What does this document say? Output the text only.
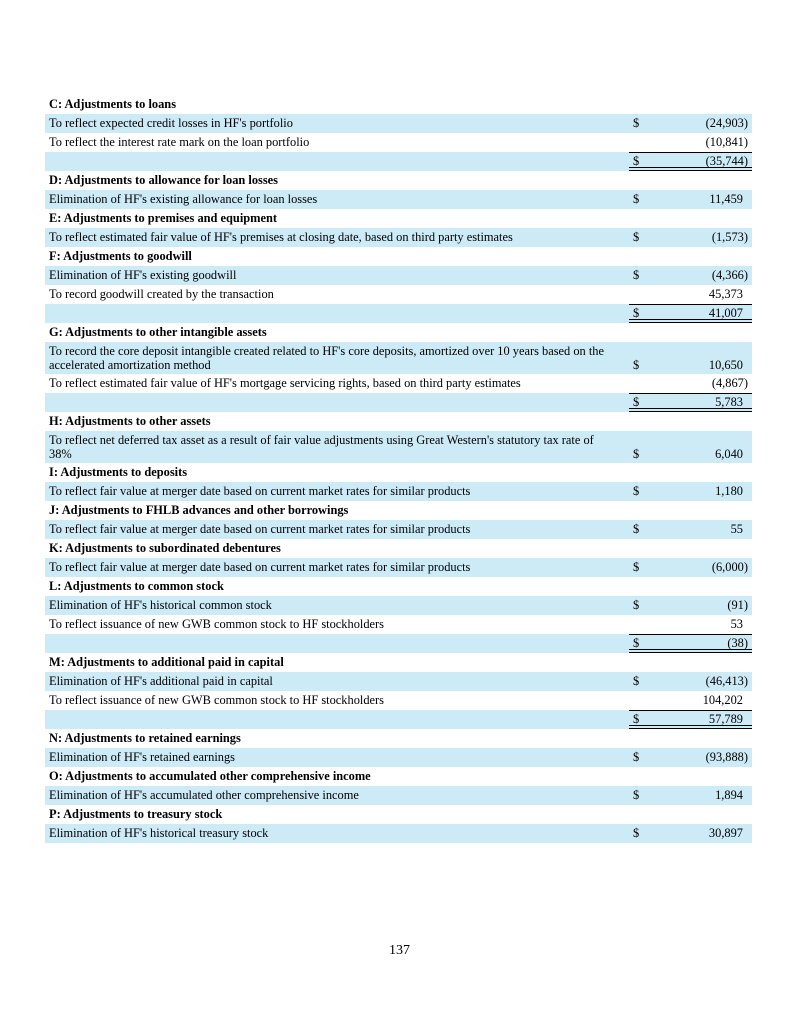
C: Adjustments to loans
To reflect expected credit losses in HF's portfolio	$	(24,903)
To reflect the interest rate mark on the loan portfolio	(10,841)
$	(35,744)
D: Adjustments to allowance for loan losses
Elimination of HF's existing allowance for loan losses	$	11,459
E: Adjustments to premises and equipment
To reflect estimated fair value of HF's premises at closing date, based on third party estimates	$	(1,573)
F: Adjustments to goodwill
Elimination of HF's existing goodwill	$	(4,366)
To record goodwill created by the transaction	45,373
$	41,007
G: Adjustments to other intangible assets
To record the core deposit intangible created related to HF's core deposits, amortized over 10 years based on the accelerated amortization method	$	10,650
To reflect estimated fair value of HF's mortgage servicing rights, based on third party estimates	(4,867)
$	5,783
H: Adjustments to other assets
To reflect net deferred tax asset as a result of fair value adjustments using Great Western's statutory tax rate of 38%	$	6,040
I: Adjustments to deposits
To reflect fair value at merger date based on current market rates for similar products	$	1,180
J: Adjustments to FHLB advances and other borrowings
To reflect fair value at merger date based on current market rates for similar products	$	55
K: Adjustments to subordinated debentures
To reflect fair value at merger date based on current market rates for similar products	$	(6,000)
L: Adjustments to common stock
Elimination of HF's historical common stock	$	(91)
To reflect issuance of new GWB common stock to HF stockholders	53
$	(38)
M: Adjustments to additional paid in capital
Elimination of HF's additional paid in capital	$	(46,413)
To reflect issuance of new GWB common stock to HF stockholders	104,202
$	57,789
N: Adjustments to retained earnings
Elimination of HF's retained earnings	$	(93,888)
O: Adjustments to accumulated other comprehensive income
Elimination of HF's accumulated other comprehensive income	$	1,894
P: Adjustments to treasury stock
Elimination of HF's historical treasury stock	$	30,897
137
